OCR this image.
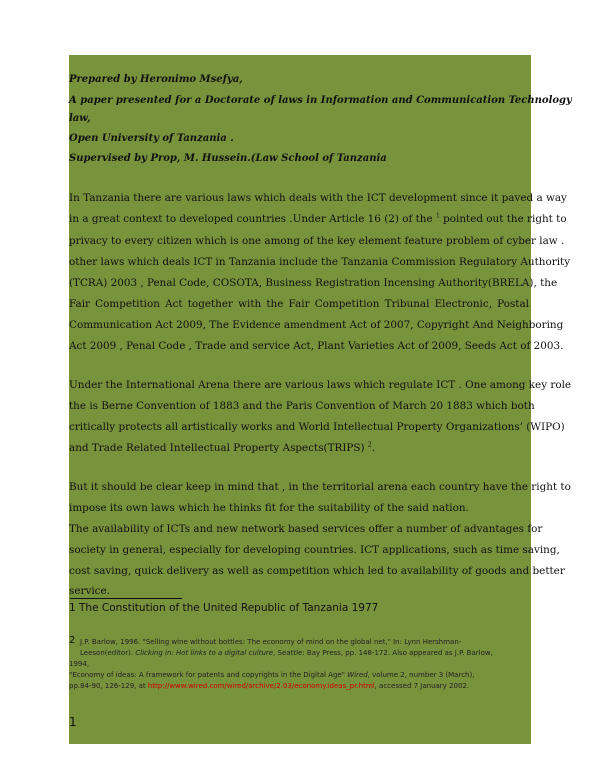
Prepared by Heronimo Msefya,
A paper presented for a Doctorate of laws in Information and Communication Technology
law,
Open University of Tanzania .
Supervised by Prop, M. Hussein.(Law School of Tanzania
In Tanzania there are various laws which deals with the ICT development since it paved a way
in a great context to developed countries .Under Article 16 (2) of the $^1$ pointed out the right to
privacy to every citizen which is one among of the key element feature problem of cyber law .
other laws which deals ICT in Tanzania include the Tanzania Commission Regulatory Authority
(TCRA) 2003 , Penal Code, COSOTA, Business Registration Incensing Authority(BRELA), the
Fair Competition Act together with the Fair Competition Tribunal Electronic, Postal
Communication Act 2009, The Evidence amendment Act of 2007, Copyright And Neighboring
Act 2009 , Penal Code , Trade and service Act, Plant Varieties Act of 2009, Seeds Act of 2003.
Under the International Arena there are various laws which regulate ICT . One among key role
the is Berne Convention of 1883 and the Paris Convention of March 20 1883 which both
critically protects all artistically works and World Intellectual Property Organizations’ (WIPO)
and Trade Related Intellectual Property Aspects(TRIPS) $^2$.
But it should be clear keep in mind that , in the territorial arena each country have the right to
impose its own laws which he thinks fit for the suitability of the said nation.
The availability of ICTs and new network based services offer a number of advantages for
society in general, especially for developing countries. ICT applications, such as time saving,
cost saving, quick delivery as well as competition which led to availability of goods and better
service.
1 The Constitution of the United Republic of Tanzania 1977
2 J.P. Barlow, 1996. "Selling wine without bottles: The economy of mind on the global net," In: Lynn Hershman-
Leeson(editor). Clicking in: Hot links to a digital culture, Seattle: Bay Press, pp. 148-172. Also appeared as J.P. Barlow,
1994,
"Economy of ideas: A framework for patents and copyrights in the Digital Age" Wired, volume 2, number 3 (March),
pp.84-90, 126-129, at http://www.wired.com/wired/archive/2.03/economy.ideas_pr.html, accessed 7 January 2002.
1
